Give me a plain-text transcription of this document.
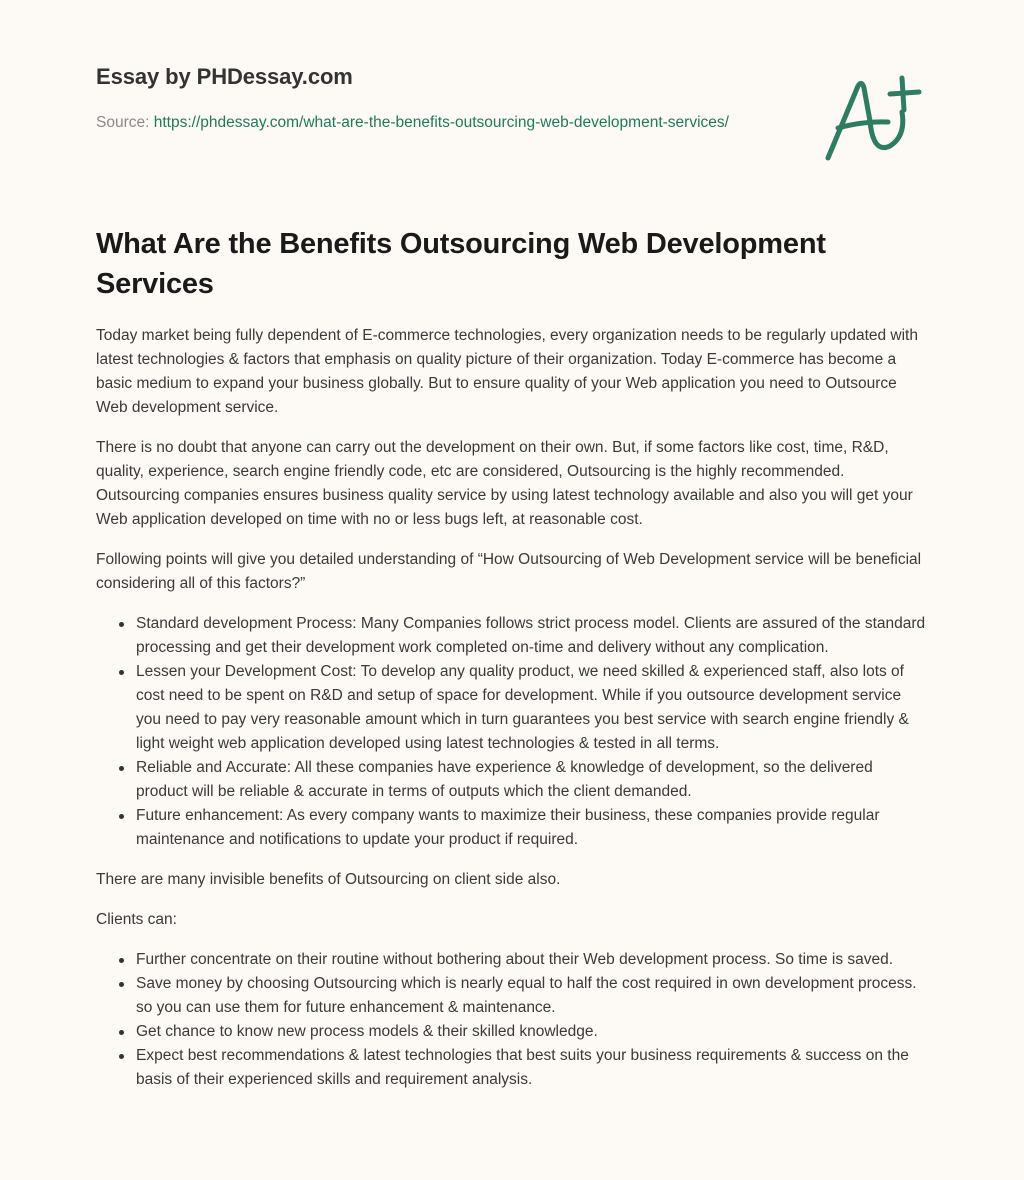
Essay by PHDessay.com
Source: https://phdessay.com/what-are-the-benefits-outsourcing-web-development-services/
What Are the Benefits Outsourcing Web Development Services

Today market being fully dependent of E-commerce technologies, every organization needs to be regularly updated with latest technologies & factors that emphasis on quality picture of their organization. Today E-commerce has become a basic medium to expand your business globally. But to ensure quality of your Web application you need to Outsource Web development service.

There is no doubt that anyone can carry out the development on their own. But, if some factors like cost, time, R&D, quality, experience, search engine friendly code, etc are considered, Outsourcing is the highly recommended. Outsourcing companies ensures business quality service by using latest technology available and also you will get your Web application developed on time with no or less bugs left, at reasonable cost.

Following points will give you detailed understanding of “How Outsourcing of Web Development service will be beneficial considering all of this factors?”

Standard development Process: Many Companies follows strict process model. Clients are assured of the standard processing and get their development work completed on-time and delivery without any complication.
Lessen your Development Cost: To develop any quality product, we need skilled & experienced staff, also lots of cost need to be spent on R&D and setup of space for development. While if you outsource development service you need to pay very reasonable amount which in turn guarantees you best service with search engine friendly & light weight web application developed using latest technologies & tested in all terms.
Reliable and Accurate: All these companies have experience & knowledge of development, so the delivered product will be reliable & accurate in terms of outputs which the client demanded.
Future enhancement: As every company wants to maximize their business, these companies provide regular maintenance and notifications to update your product if required.

There are many invisible benefits of Outsourcing on client side also.

Clients can:

Further concentrate on their routine without bothering about their Web development process. So time is saved.
Save money by choosing Outsourcing which is nearly equal to half the cost required in own development process. so you can use them for future enhancement & maintenance.
Get chance to know new process models & their skilled knowledge.
Expect best recommendations & latest technologies that best suits your business requirements & success on the basis of their experienced skills and requirement analysis.
